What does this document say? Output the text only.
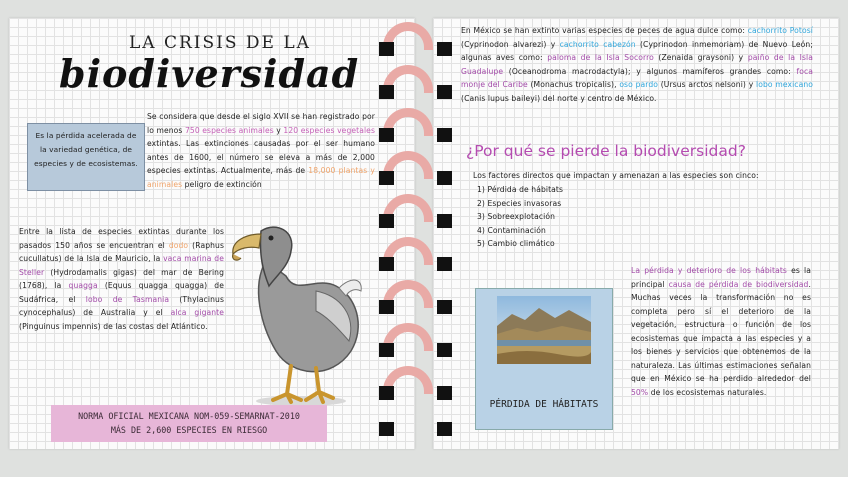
LA CRISIS DE LA
biodiversidad
Es la pérdida acelerada de la variedad genética, de especies y de ecosistemas.
Se considera que desde el siglo XVII se han registrado por lo menos 750 especies animales y 120 especies vegetales extintas. Las extinciones causadas por el ser humano antes de 1600, el número se eleva a más de 2,000 especies extintas. Actualmente, más de 18,000 plantas y animales peligro de extinción
Entre la lista de especies extintas durante los pasados 150 años se encuentran el dodo (Raphus cucullatus) de la Isla de Mauricio, la vaca marina de Steller (Hydrodamalis gigas) del mar de Bering (1768), la quagga (Equus quagga quagga) de Sudáfrica, el lobo de Tasmania (Thylacinus cynocephalus) de Australia y el alca gigante (Pinguinus impennis) de las costas del Atlántico.
NORMA OFICIAL MEXICANA NOM-059-SEMARNAT-2010
MÁS DE 2,600 ESPECIES EN RIESGO
En México se han extinto varias especies de peces de agua dulce como: cachorrito Potosí (Cyprinodon alvarezi) y cachorrito cabezón (Cyprinodon inmemoriam) de Nuevo León; algunas aves como: paloma de la Isla Socorro (Zenaida graysoni) y paiño de la Isla Guadalupe (Oceanodroma macrodactyla); y algunos mamíferos grandes como: foca monje del Caribe (Monachus tropicalis), oso pardo (Ursus arctos nelsoni) y lobo mexicano (Canis lupus baileyi) del norte y centro de México.
¿Por qué se pierde la biodiversidad?
Los factores directos que impactan y amenazan a las especies son cinco:
1) Pérdida de hábitats
2) Especies invasoras
3) Sobreexplotación
4) Contaminación
5) Cambio climático
PÉRDIDA DE HÁBITATS
La pérdida y deterioro de los hábitats es la principal causa de pérdida de biodiversidad. Muchas veces la transformación no es completa pero sí el deterioro de la vegetación, estructura o función de los ecosistemas que impacta a las especies y a los bienes y servicios que obtenemos de la naturaleza. Las últimas estimaciones señalan que en México se ha perdido alrededor del 50% de los ecosistemas naturales.
